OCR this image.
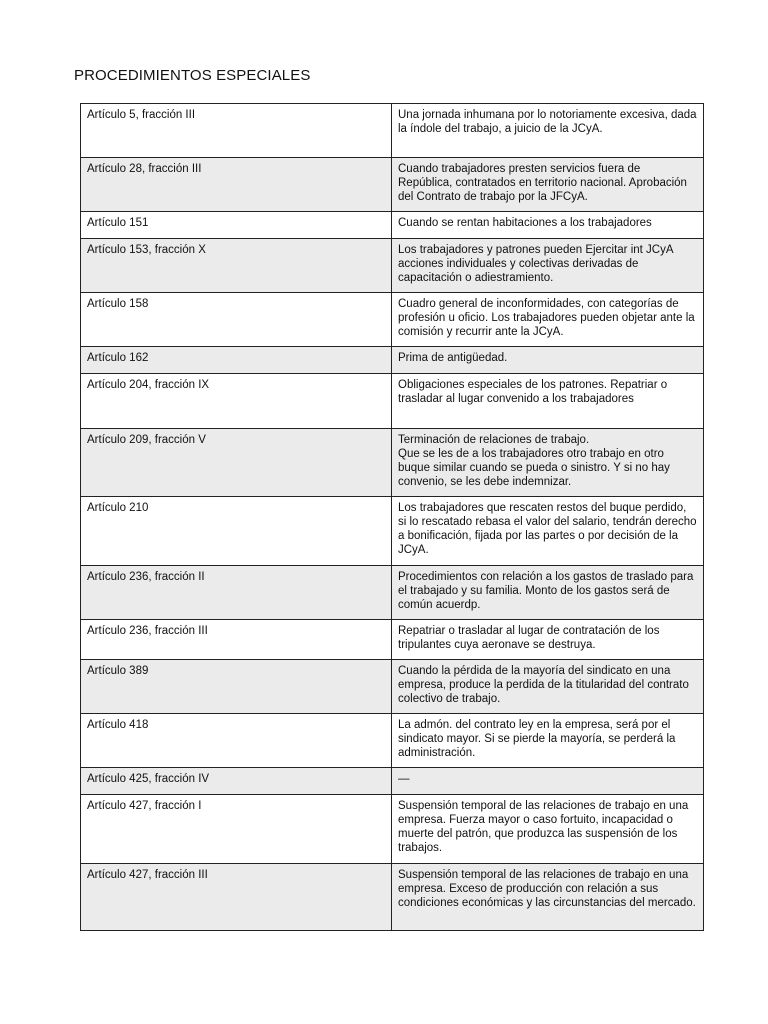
PROCEDIMIENTOS ESPECIALES
Artículo 5, fracción III	Una jornada inhumana por lo notoriamente excesiva, dada la índole del trabajo, a juicio de la JCyA.
Artículo 28, fracción III	Cuando trabajadores presten servicios fuera de República, contratados en territorio nacional. Aprobación del Contrato de trabajo por la JFCyA.
Artículo 151	Cuando se rentan habitaciones a los trabajadores
Artículo 153, fracción X	Los trabajadores y patrones pueden Ejercitar int JCyA acciones individuales y colectivas derivadas de capacitación o adiestramiento.
Artículo 158	Cuadro general de inconformidades, con categorías de profesión u oficio. Los trabajadores pueden objetar ante la comisión y recurrir ante la JCyA.
Artículo 162	Prima de antigüedad.
Artículo 204, fracción IX	Obligaciones especiales de los patrones. Repatriar o trasladar al lugar convenido a los trabajadores
Artículo 209, fracción V	Terminación de relaciones de trabajo.
Que se les de a los trabajadores otro trabajo en otro buque similar cuando se pueda o sinistro. Y si no hay convenio, se les debe indemnizar.
Artículo 210	Los trabajadores que rescaten restos del buque perdido, si lo rescatado rebasa el valor del salario, tendrán derecho a bonificación, fijada por las partes o por decisión de la JCyA.
Artículo 236, fracción II	Procedimientos con relación a los gastos de traslado para el trabajado y su familia. Monto de los gastos será de común acuerdp.
Artículo 236, fracción III	Repatriar o trasladar al lugar de contratación de los tripulantes cuya aeronave se destruya.
Artículo 389	Cuando la pérdida de la mayoría del sindicato en una empresa, produce la perdida de la titularidad del contrato colectivo de trabajo.
Artículo 418	La admón. del contrato ley en la empresa, será por el sindicato mayor. Si se pierde la mayoría, se perderá la administración.
Artículo 425, fracción IV	—
Artículo 427, fracción I	Suspensión temporal de las relaciones de trabajo en una empresa. Fuerza mayor o caso fortuito, incapacidad o muerte del patrón, que produzca las suspensión de los trabajos.
Artículo 427, fracción III	Suspensión temporal de las relaciones de trabajo en una empresa. Exceso de producción con relación a sus condiciones económicas y las circunstancias del mercado.
